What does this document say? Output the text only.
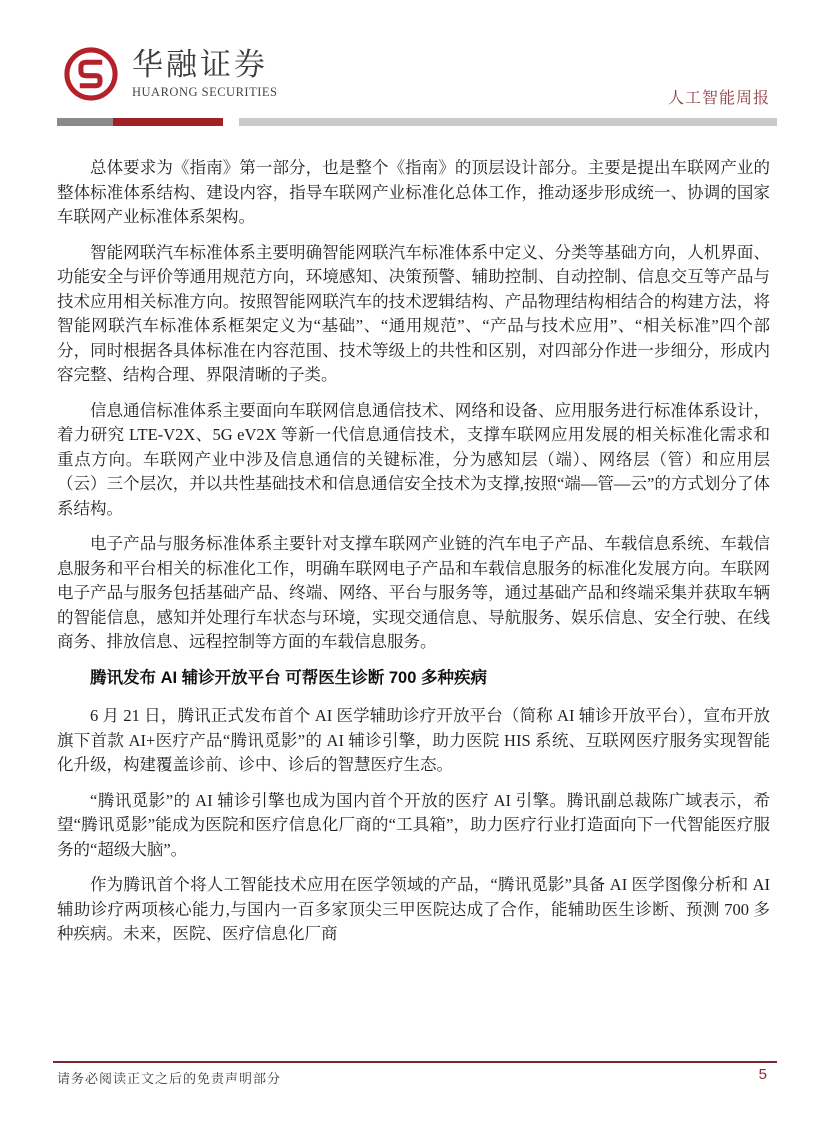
华融证券
HUARONG SECURITIES	人工智能周报

总体要求为《指南》第一部分，也是整个《指南》的顶层设计部分。主要是提出车联网产业的整体标准体系结构、建设内容，指导车联网产业标准化总体工作，推动逐步形成统一、协调的国家车联网产业标准体系架构。

智能网联汽车标准体系主要明确智能网联汽车标准体系中定义、分类等基础方向，人机界面、功能安全与评价等通用规范方向，环境感知、决策预警、辅助控制、自动控制、信息交互等产品与技术应用相关标准方向。按照智能网联汽车的技术逻辑结构、产品物理结构相结合的构建方法，将智能网联汽车标准体系框架定义为“基础”、“通用规范”、“产品与技术应用”、“相关标准”四个部分，同时根据各具体标准在内容范围、技术等级上的共性和区别，对四部分作进一步细分，形成内容完整、结构合理、界限清晰的子类。

信息通信标准体系主要面向车联网信息通信技术、网络和设备、应用服务进行标准体系设计，着力研究 LTE-V2X、5G eV2X 等新一代信息通信技术，支撑车联网应用发展的相关标准化需求和重点方向。车联网产业中涉及信息通信的关键标准，分为感知层（端）、网络层（管）和应用层（云）三个层次，并以共性基础技术和信息通信安全技术为支撑,按照“端—管—云”的方式划分了体系结构。

电子产品与服务标准体系主要针对支撑车联网产业链的汽车电子产品、车载信息系统、车载信息服务和平台相关的标准化工作，明确车联网电子产品和车载信息服务的标准化发展方向。车联网电子产品与服务包括基础产品、终端、网络、平台与服务等，通过基础产品和终端采集并获取车辆的智能信息，感知并处理行车状态与环境，实现交通信息、导航服务、娱乐信息、安全行驶、在线商务、排放信息、远程控制等方面的车载信息服务。

腾讯发布 AI 辅诊开放平台 可帮医生诊断 700 多种疾病

6 月 21 日，腾讯正式发布首个 AI 医学辅助诊疗开放平台（简称 AI 辅诊开放平台），宣布开放旗下首款 AI+医疗产品“腾讯觅影”的 AI 辅诊引擎，助力医院 HIS 系统、互联网医疗服务实现智能化升级，构建覆盖诊前、诊中、诊后的智慧医疗生态。

“腾讯觅影”的 AI 辅诊引擎也成为国内首个开放的医疗 AI 引擎。腾讯副总裁陈广域表示，希望“腾讯觅影”能成为医院和医疗信息化厂商的“工具箱”，助力医疗行业打造面向下一代智能医疗服务的“超级大脑”。

作为腾讯首个将人工智能技术应用在医学领域的产品，“腾讯觅影”具备 AI 医学图像分析和 AI 辅助诊疗两项核心能力,与国内一百多家顶尖三甲医院达成了合作，能辅助医生诊断、预测 700 多种疾病。未来，医院、医疗信息化厂商

请务必阅读正文之后的免责声明部分	5
